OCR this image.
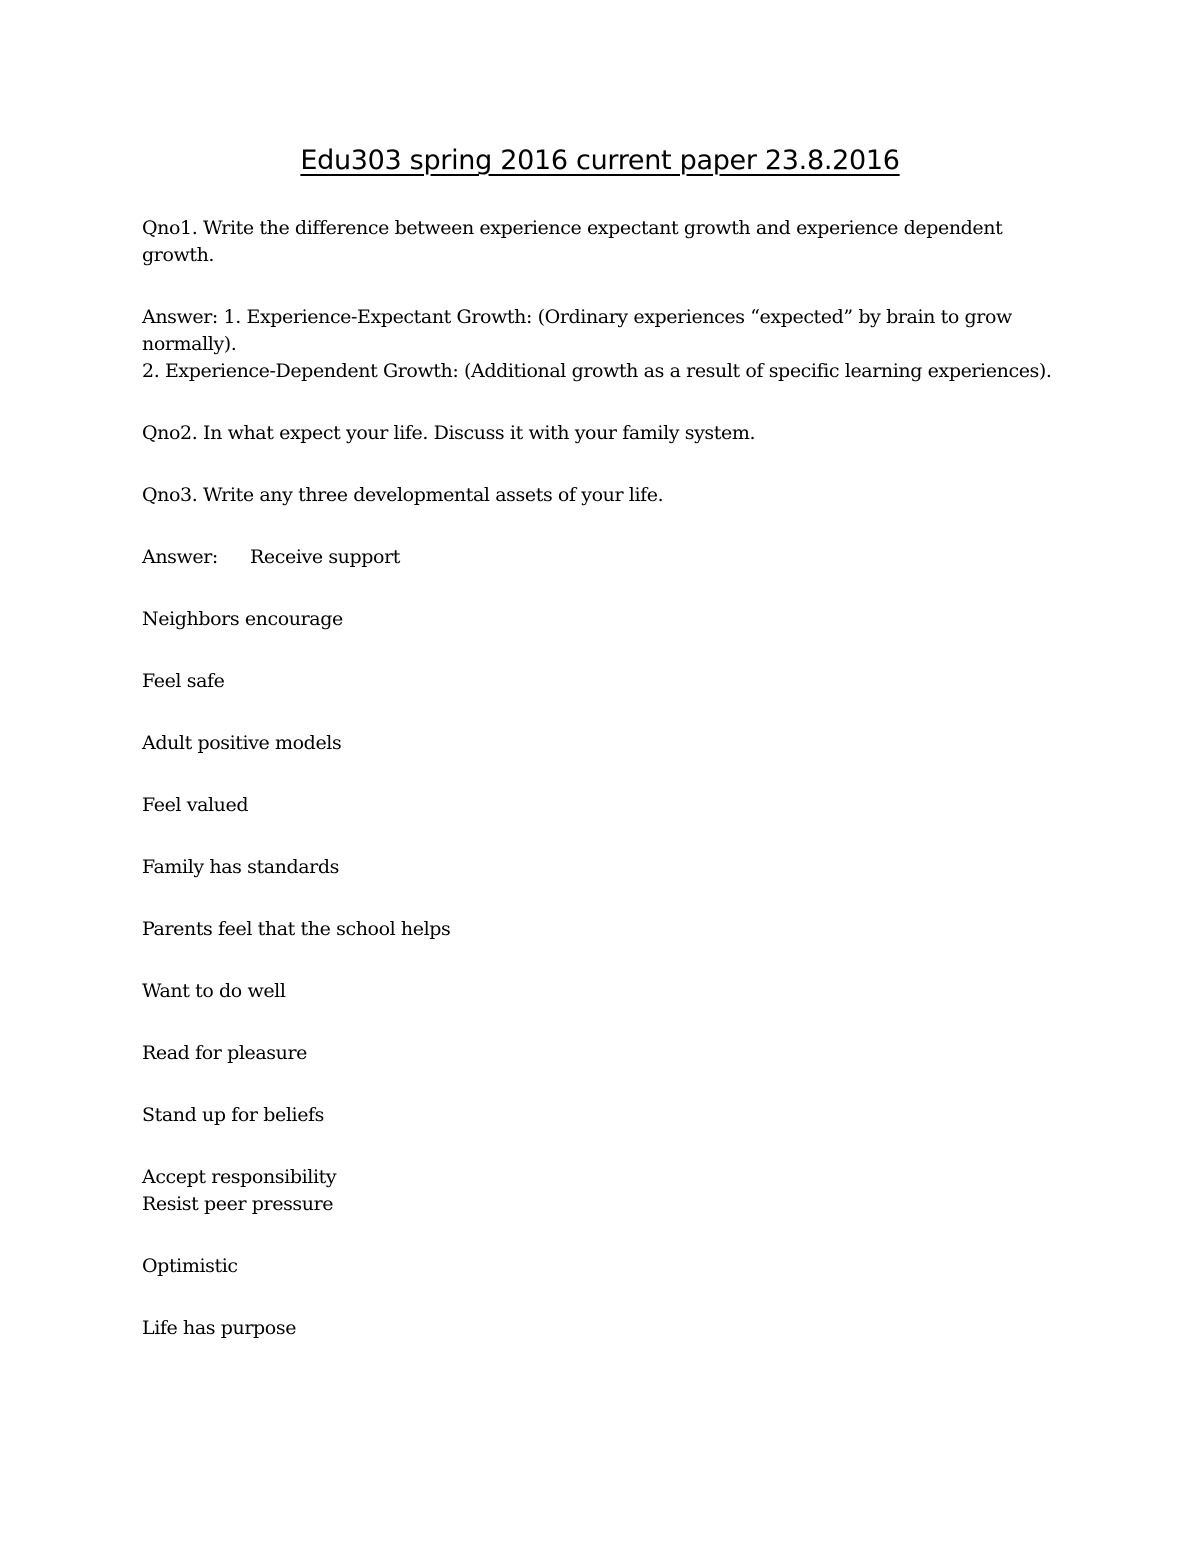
Edu303 spring 2016 current paper 23.8.2016

Qno1. Write the difference between experience expectant growth and experience dependent growth.

Answer: 1. Experience-Expectant Growth: (Ordinary experiences “expected” by brain to grow normally).
2. Experience-Dependent Growth: (Additional growth as a result of specific learning experiences).

Qno2. In what expect your life. Discuss it with your family system.

Qno3. Write any three developmental assets of your life.

Answer: Receive support
Neighbors encourage
Feel safe
Adult positive models
Feel valued
Family has standards
Parents feel that the school helps
Want to do well
Read for pleasure
Stand up for beliefs
Accept responsibility
Resist peer pressure
Optimistic
Life has purpose
